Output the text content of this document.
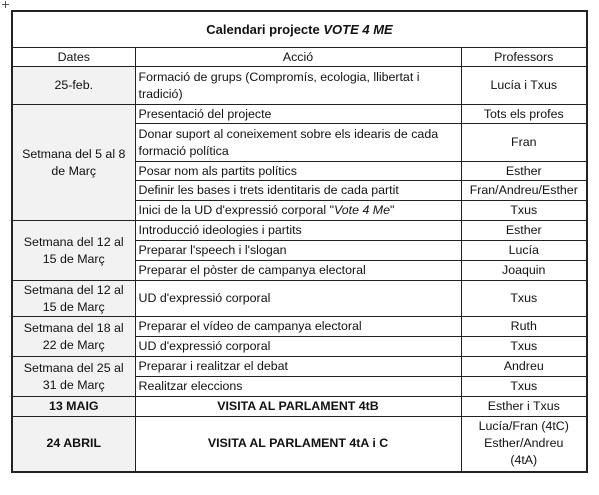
Calendari projecte VOTE 4 ME		
Dates	Acció	Professors
25-feb.	Formació de grups (Compromís, ecologia, llibertat i tradició)	Lucía i Txus
Setmana del 5 al 8 de Març	Presentació del projecte	Tots els profes
	Donar suport al coneixement sobre els idearis de cada formació política	Fran
	Posar nom als partits polítics	Esther
	Definir les bases i trets identitaris de cada partit	Fran/Andreu/Esther
	Inici de la UD d'expressió corporal "Vote 4 Me"	Txus
Setmana del 12 al 15 de Març	Introducció ideologies i partits	Esther
	Preparar l'speech i l'slogan	Lucía
	Preparar el pòster de campanya electoral	Joaquin
Setmana del 12 al 15 de Març	UD d'expressió corporal	Txus
Setmana del 18 al 22 de Març	Preparar el vídeo de campanya electoral	Ruth
	UD d'expressió corporal	Txus
Setmana del 25 al 31 de Març	Preparar i realitzar el debat	Andreu
	Realitzar eleccions	Txus
13 MAIG	VISITA AL PARLAMENT 4tB	Esther i Txus
24 ABRIL	VISITA AL PARLAMENT 4tA i C	Lucía/Fran (4tC)
Esther/Andreu
(4tA)
